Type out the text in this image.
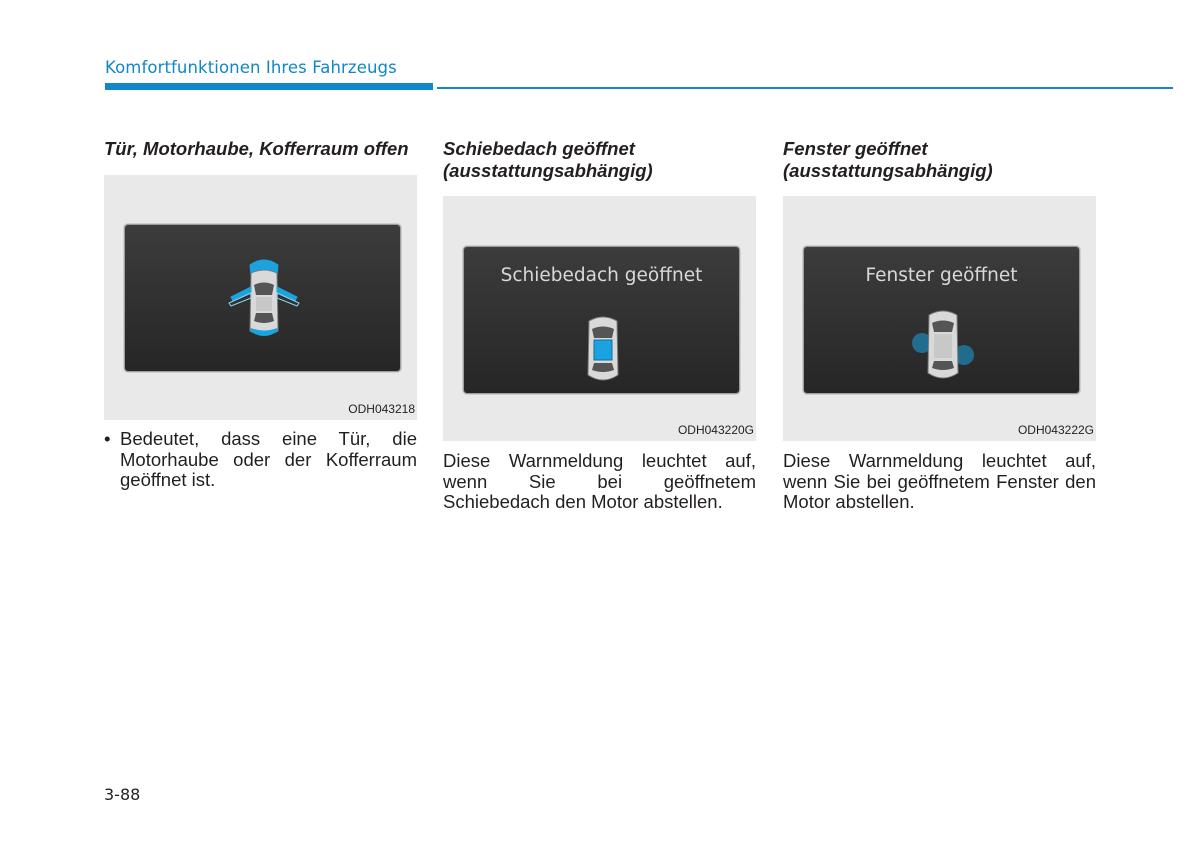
Komfortfunktionen Ihres Fahrzeugs

Tür, Motorhaube, Kofferraum offen

ODH043218
• Bedeutet, dass eine Tür, die Motorhaube oder der Kofferraum geöffnet ist.

Schiebedach geöffnet

(ausstattungsabhängig)

Schiebedach geöffnet
ODH043220G

Diese Warnmeldung leuchtet auf, wenn Sie bei geöffnetem Schiebedach den Motor abstellen.

Fenster geöffnet

(ausstattungsabhängig)

Fenster geöffnet
ODH043222G

Diese Warnmeldung leuchtet auf, wenn Sie bei geöffnetem Fenster den Motor abstellen.

3-88
